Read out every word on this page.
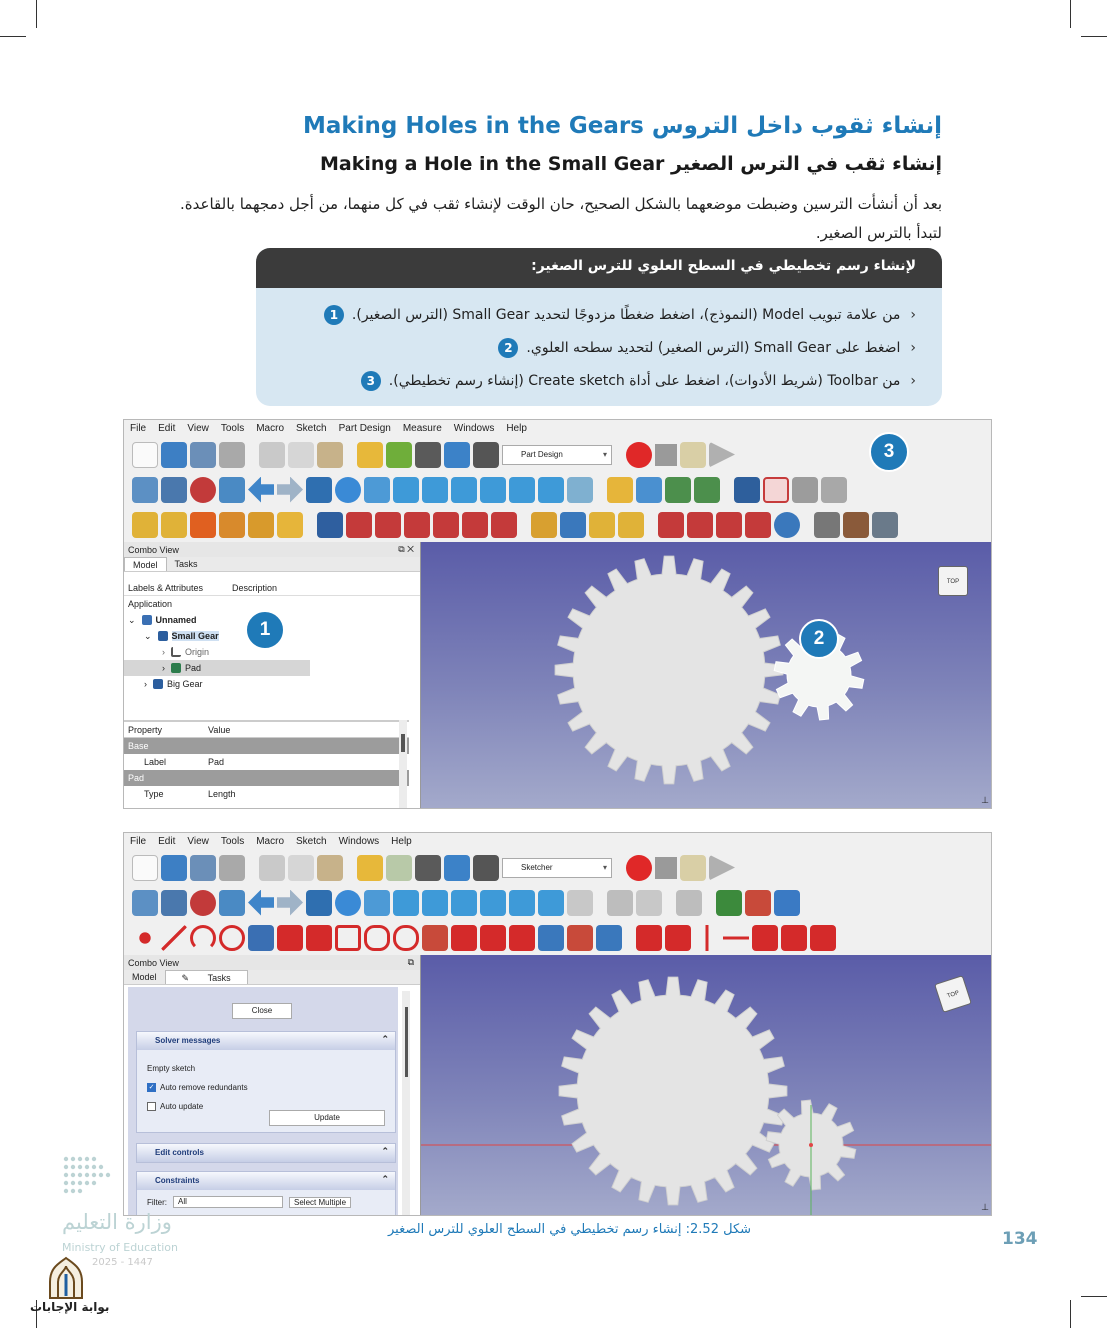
إنشاء ثقوب داخل التروس Making Holes in the Gears
إنشاء ثقب في الترس الصغير Making a Hole in the Small Gear
بعد أن أنشأت الترسين وضبطت موضعهما بالشكل الصحيح، حان الوقت لإنشاء ثقب في كل منهما، من أجل دمجهما بالقاعدة. لتبدأ بالترس الصغير.
لإنشاء رسم تخطيطي في السطح العلوي للترس الصغير:
‹
من علامة تبويب Model (النموذج)، اضغط ضغطًا مزدوجًا لتحديد Small Gear (الترس الصغير).
1
‹
اضغط على Small Gear (الترس الصغير) لتحديد سطحه العلوي.
2
‹
من Toolbar (شريط الأدوات)، اضغط على أداة Create sketch (إنشاء رسم تخطيطي).
3
File Edit View Tools Macro Sketch Part Design Measure Windows Help
Part Design ▾
Combo View	⧉ ✕
Model	Tasks
Labels & Attributes	Description
Application
⌄ Unnamed
⌄ Small Gear
› Origin
› Pad
› Big Gear
Property	Value
Base
Label	Pad
Pad
Type	Length
TOP
⊥
1	2
3
File Edit View Tools Macro Sketch Windows Help
Sketcher ▾
Combo View	⧉
Model	✎ Tasks
Close
Solver messages ⌃
Empty sketch
✓ Auto remove redundants
Auto update
Update
Edit controls ⌃
Constraints ⌃
Filter:	All	Select Multiple
TOP
⊥
شكل 2.52: إنشاء رسم تخطيطي في السطح العلوي للترس الصغير	134
وزارة التعليم
Ministry of Education
2025 - 1447
بوابة الإجابات
